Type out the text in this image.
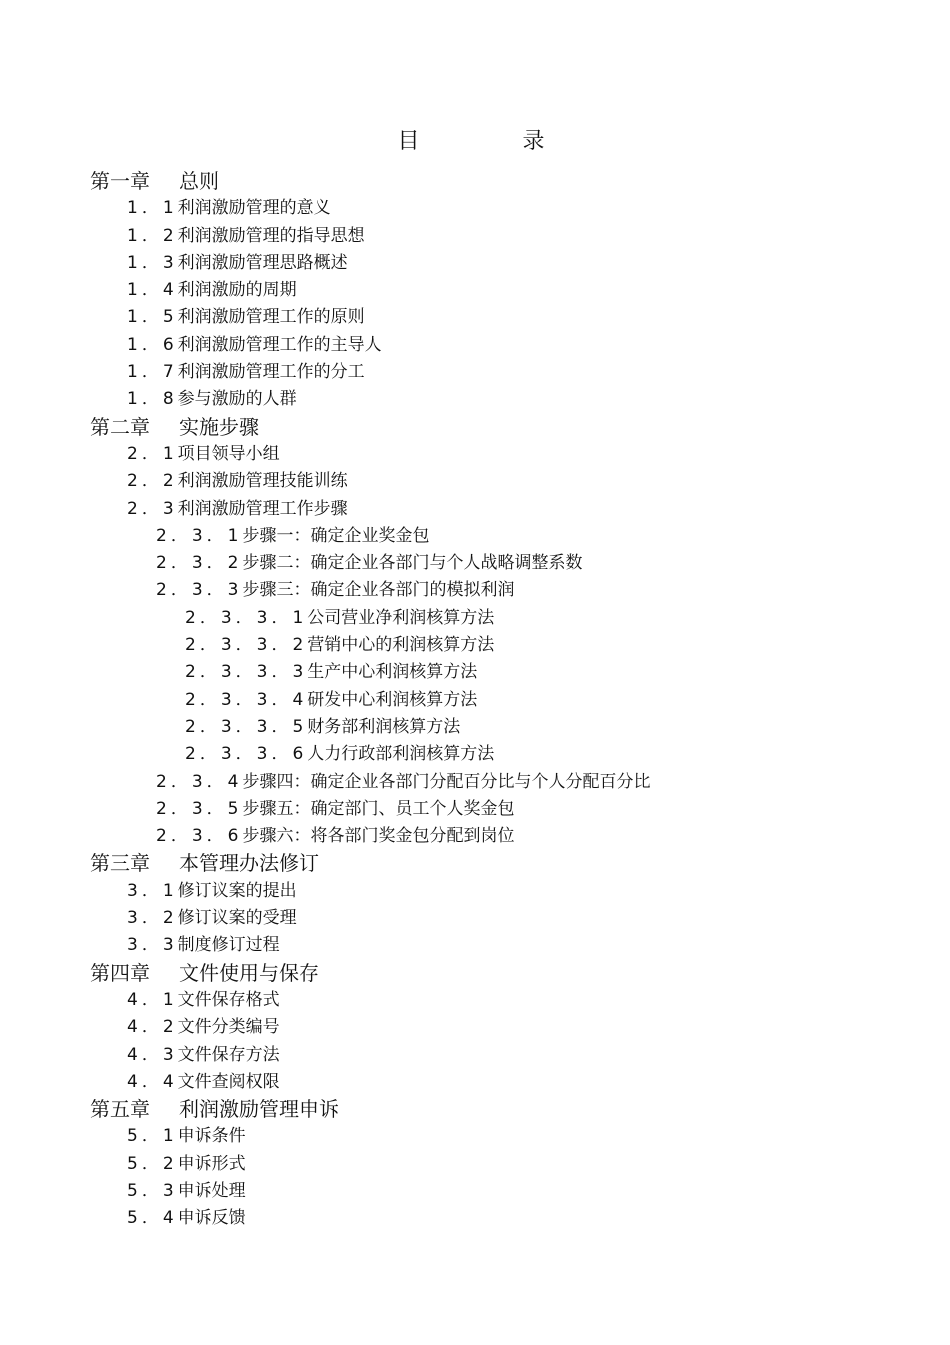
目 录
第一章 总则
1．1利润激励管理的意义
1．2利润激励管理的指导思想
1．3利润激励管理思路概述
1．4利润激励的周期
1．5利润激励管理工作的原则
1．6利润激励管理工作的主导人
1．7利润激励管理工作的分工
1．8参与激励的人群
第二章 实施步骤
2．1项目领导小组
2．2利润激励管理技能训练
2．3利润激励管理工作步骤
2．3．1步骤一：确定企业奖金包
2．3．2步骤二：确定企业各部门与个人战略调整系数
2．3．3步骤三：确定企业各部门的模拟利润
2．3．3．1公司营业净利润核算方法
2．3．3．2营销中心的利润核算方法
2．3．3．3生产中心利润核算方法
2．3．3．4研发中心利润核算方法
2．3．3．5财务部利润核算方法
2．3．3．6人力行政部利润核算方法
2．3．4步骤四：确定企业各部门分配百分比与个人分配百分比
2．3．5步骤五：确定部门、员工个人奖金包
2．3．6步骤六：将各部门奖金包分配到岗位
第三章 本管理办法修订
3．1修订议案的提出
3．2修订议案的受理
3．3制度修订过程
第四章 文件使用与保存
4．1文件保存格式
4．2文件分类编号
4．3文件保存方法
4．4文件查阅权限
第五章 利润激励管理申诉
5．1申诉条件
5．2申诉形式
5．3申诉处理
5．4申诉反馈
